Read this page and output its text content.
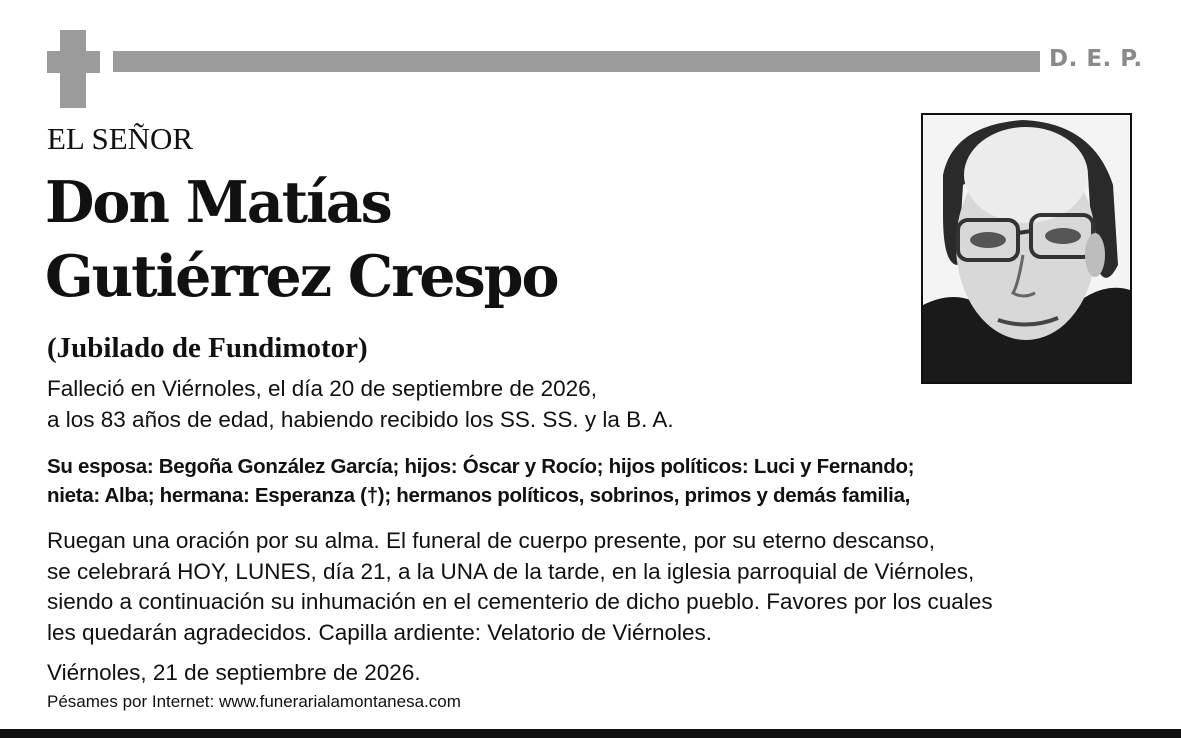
D. E. P.
EL SEÑOR
Don Matías
Gutiérrez Crespo
(Jubilado de Fundimotor)
Falleció en Viérnoles, el día 20 de septiembre de 2026,
a los 83 años de edad, habiendo recibido los SS. SS. y la B. A.
Su esposa: Begoña González García; hijos: Óscar y Rocío; hijos políticos: Luci y Fernando;
nieta: Alba; hermana: Esperanza (†); hermanos políticos, sobrinos, primos y demás familia,
Ruegan una oración por su alma. El funeral de cuerpo presente, por su eterno descanso,
se celebrará HOY, LUNES, día 21, a la UNA de la tarde, en la iglesia parroquial de Viérnoles,
siendo a continuación su inhumación en el cementerio de dicho pueblo. Favores por los cuales
les quedarán agradecidos. Capilla ardiente: Velatorio de Viérnoles.
Viérnoles, 21 de septiembre de 2026.
Pésames por Internet: www.funerarialamontanesa.com
